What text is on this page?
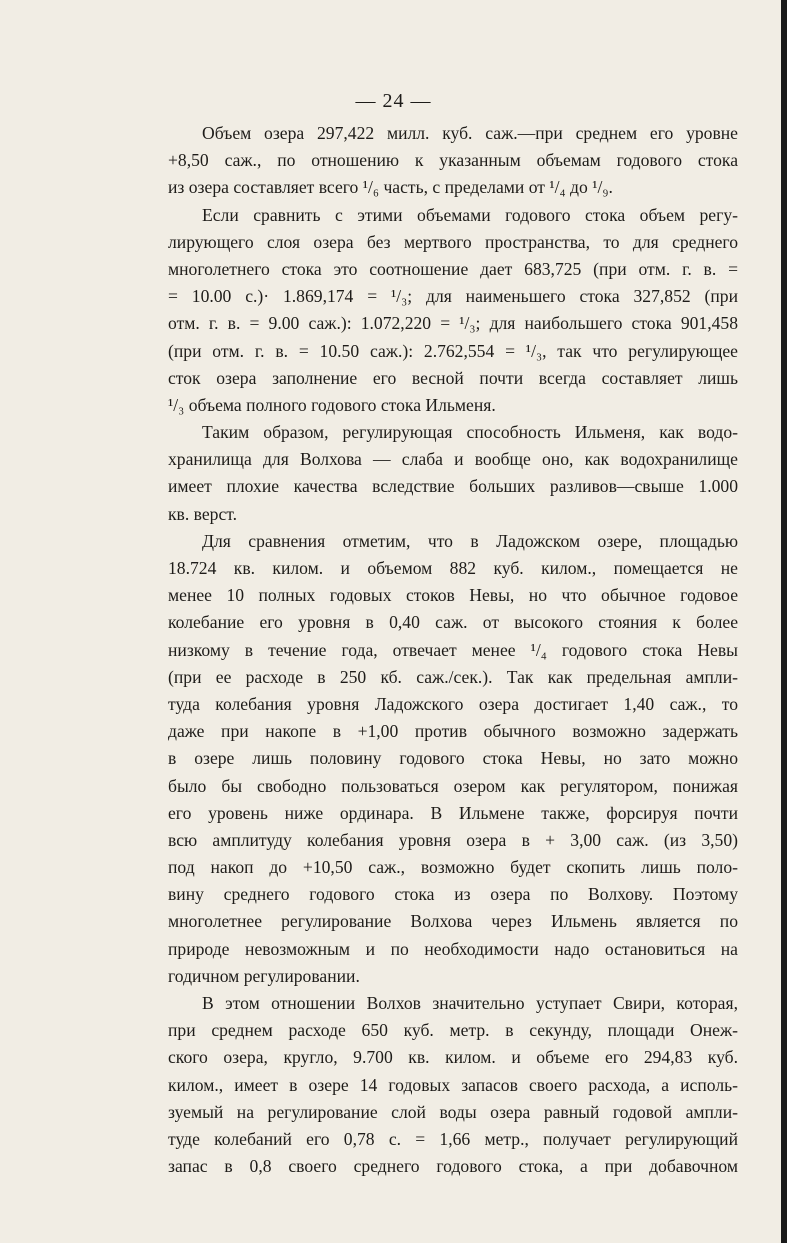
— 24 —
Объем озера 297,422 милл. куб. саж.—при среднем его уровне
+8,50 саж., по отношению к указанным объемам годового стока
из озера составляет всего ¹/₆ часть, с пределами от ¹/₄ до ¹/₉.
Если сравнить с этими объемами годового стока объем регу-
лирующего слоя озера без мертвого пространства, то для среднего
многолетнего стока это соотношение дает 683,725 (при отм. г. в. =
= 10.00 с.)· 1.869,174 = ¹/₃; для наименьшего стока 327,852 (при
отм. г. в. = 9.00 саж.): 1.072,220 = ¹/₃; для наибольшего стока 901,458
(при отм. г. в. = 10.50 саж.): 2.762,554 = ¹/₃, так что регулирующее
сток озера заполнение его весной почти всегда составляет лишь
¹/₃ объема полного годового стока Ильменя.
Таким образом, регулирующая способность Ильменя, как водо-
хранилища для Волхова — слаба и вообще оно, как водохранилище
имеет плохие качества вследствие больших разливов—свыше 1.000
кв. верст.
Для сравнения отметим, что в Ладожском озере, площадью
18.724 кв. килом. и объемом 882 куб. килом., помещается не
менее 10 полных годовых стоков Невы, но что обычное годовое
колебание его уровня в 0,40 саж. от высокого стояния к более
низкому в течение года, отвечает менее ¹/₄ годового стока Невы
(при ее расходе в 250 кб. саж./сек.). Так как предельная ампли-
туда колебания уровня Ладожского озера достигает 1,40 саж., то
даже при накопе в +1,00 против обычного возможно задержать
в озере лишь половину годового стока Невы, но зато можно
было бы свободно пользоваться озером как регулятором, понижая
его уровень ниже ординара. В Ильмене также, форсируя почти
всю амплитуду колебания уровня озера в + 3,00 саж. (из 3,50)
под накоп до +10,50 саж., возможно будет скопить лишь поло-
вину среднего годового стока из озера по Волхову. Поэтому
многолетнее регулирование Волхова через Ильмень является по
природе невозможным и по необходимости надо остановиться на
годичном регулировании.
В этом отношении Волхов значительно уступает Свири, которая,
при среднем расходе 650 куб. метр. в секунду, площади Онеж-
ского озера, кругло, 9.700 кв. килом. и объеме его 294,83 куб.
килом., имеет в озере 14 годовых запасов своего расхода, а исполь-
зуемый на регулирование слой воды озера равный годовой ампли-
туде колебаний его 0,78 с. = 1,66 метр., получает регулирующий
запас в 0,8 своего среднего годового стока, а при добавочном
